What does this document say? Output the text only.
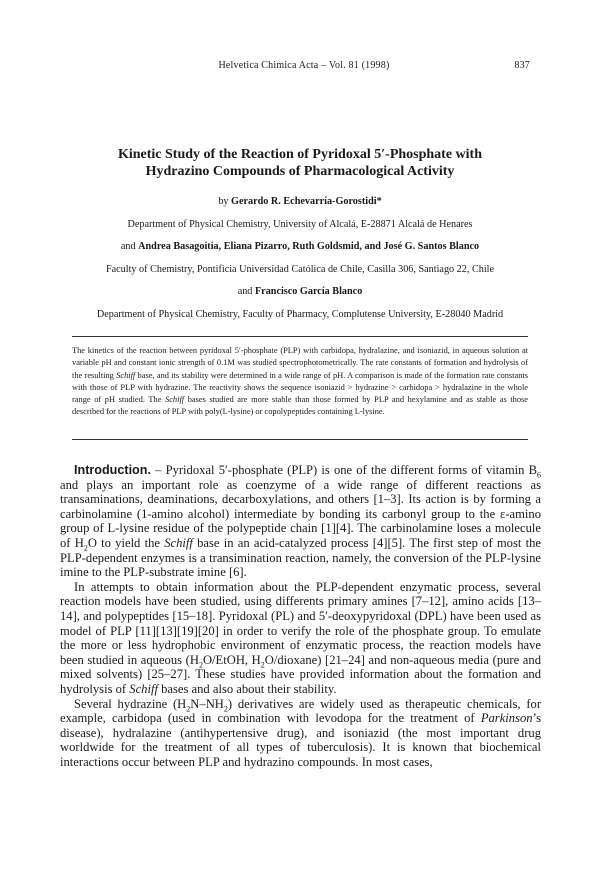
Helvetica Chimica Acta – Vol. 81 (1998)	837
Kinetic Study of the Reaction of Pyridoxal 5′-Phosphate with
Hydrazino Compounds of Pharmacological Activity
by Gerardo R. Echevarría-Gorostidi*
Department of Physical Chemistry, University of Alcalá, E-28871 Alcalá de Henares
and Andrea Basagoitia, Eliana Pizarro, Ruth Goldsmid, and José G. Santos Blanco
Faculty of Chemistry, Pontificia Universidad Católica de Chile, Casilla 306, Santiago 22, Chile
and Francisco García Blanco
Department of Physical Chemistry, Faculty of Pharmacy, Complutense University, E-28040 Madrid

The kinetics of the reaction between pyridoxal 5′-phosphate (PLP) with carbidopa, hydralazine, and isoniazid, in aqueous solution at variable pH and constant ionic strength of 0.1M was studied spectrophotometrically. The rate constants of formation and hydrolysis of the resulting Schiff base, and its stability were determined in a wide range of pH. A comparison is made of the formation rate constants with those of PLP with hydrazine. The reactivity shows the sequence isoniazid > hydrazine > carbidopa > hydralazine in the whole range of pH studied. The Schiff bases studied are more stable than those formed by PLP and hexylamine and as stable as those described for the reactions of PLP with poly(L-lysine) or copolypeptides containing L-lysine.

Introduction. – Pyridoxal 5′-phosphate (PLP) is one of the different forms of vitamin $B_6$ and plays an important role as coenzyme of a wide range of different reactions as transaminations, deaminations, decarboxylations, and others [1–3]. Its action is by forming a carbinolamine (1-amino alcohol) intermediate by bonding its carbonyl group to the ε-amino group of L-lysine residue of the polypeptide chain [1][4]. The carbinolamine loses a molecule of $H_2O$ to yield the Schiff base in an acid-catalyzed process [4][5]. The first step of most the PLP-dependent enzymes is a transimination reaction, namely, the conversion of the PLP-lysine imine to the PLP-substrate imine [6].

In attempts to obtain information about the PLP-dependent enzymatic process, several reaction models have been studied, using differents primary amines [7–12], amino acids [13–14], and polypeptides [15–18]. Pyridoxal (PL) and 5′-deoxypyridoxal (DPL) have been used as model of PLP [11][13][19][20] in order to verify the role of the phosphate group. To emulate the more or less hydrophobic environment of enzymatic process, the reaction models have been studied in aqueous ($H_2O$/EtOH, $H_2O/dioxane$) [21–24] and non-aqueous media (pure and mixed solvents) [25–27]. These studies have provided information about the formation and hydrolysis of Schiff bases and also about their stability.

Several hydrazine $(H_2N-NH_2)$ derivatives are widely used as therapeutic chemicals, for example, carbidopa (used in combination with levodopa for the treatment of Parkinson’s disease), hydralazine (antihypertensive drug), and isoniazid (the most important drug worldwide for the treatment of all types of tuberculosis). It is known that biochemical interactions occur between PLP and hydrazino compounds. In most cases,
